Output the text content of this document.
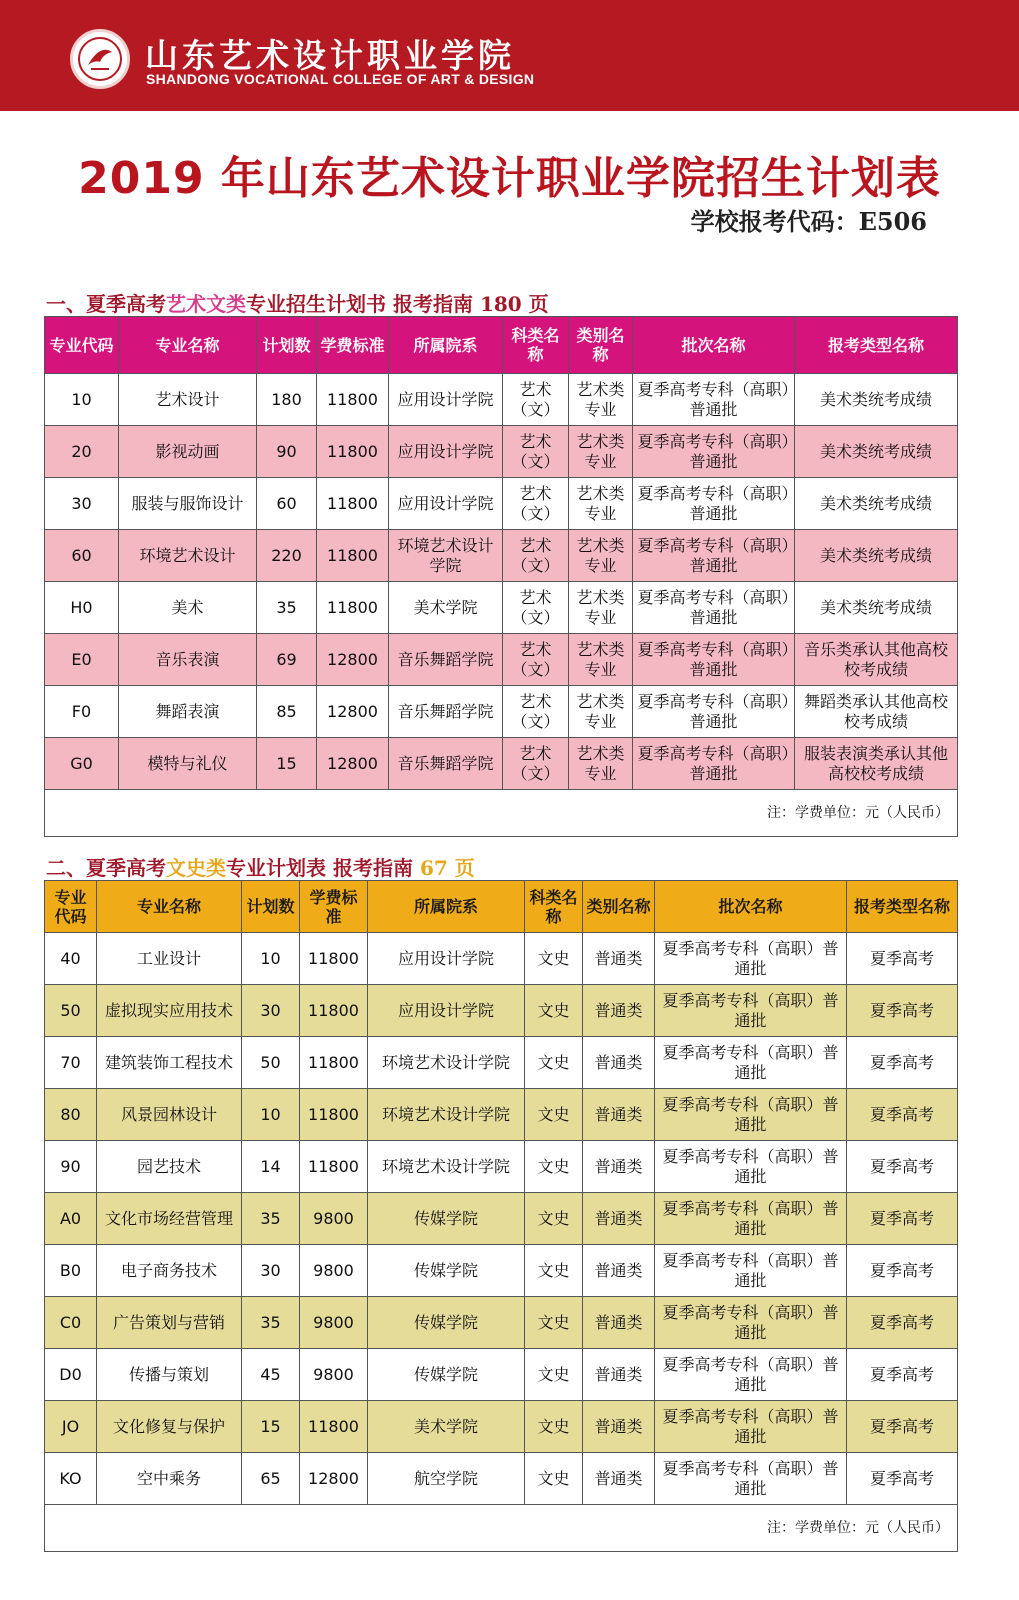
山东艺术设计职业学院
SHANDONG VOCATIONAL COLLEGE OF ART & DESIGN
2019 年山东艺术设计职业学院招生计划表
学校报考代码：E506
一、夏季高考艺术文类专业招生计划书 报考指南 180 页
专业代码	专业名称	计划数	学费标准	所属院系	科类名称	类别名称	批次名称	报考类型名称
10	艺术设计	180	11800	应用设计学院	艺术（文）	艺术类专业	夏季高考专科（高职）普通批	美术类统考成绩
20	影视动画	90	11800	应用设计学院	艺术（文）	艺术类专业	夏季高考专科（高职）普通批	美术类统考成绩
30	服装与服饰设计	60	11800	应用设计学院	艺术（文）	艺术类专业	夏季高考专科（高职）普通批	美术类统考成绩
60	环境艺术设计	220	11800	环境艺术设计学院	艺术（文）	艺术类专业	夏季高考专科（高职）普通批	美术类统考成绩
H0	美术	35	11800	美术学院	艺术（文）	艺术类专业	夏季高考专科（高职）普通批	美术类统考成绩
E0	音乐表演	69	12800	音乐舞蹈学院	艺术（文）	艺术类专业	夏季高考专科（高职）普通批	音乐类承认其他高校校考成绩
F0	舞蹈表演	85	12800	音乐舞蹈学院	艺术（文）	艺术类专业	夏季高考专科（高职）普通批	舞蹈类承认其他高校校考成绩
G0	模特与礼仪	15	12800	音乐舞蹈学院	艺术（文）	艺术类专业	夏季高考专科（高职）普通批	服装表演类承认其他高校校考成绩
注：学费单位：元（人民币）								
二、夏季高考文史类专业计划表 报考指南 67 页
专业代码	专业名称	计划数	学费标准	所属院系	科类名称	类别名称	批次名称	报考类型名称
40	工业设计	10	11800	应用设计学院	文史	普通类	夏季高考专科（高职）普通批	夏季高考
50	虚拟现实应用技术	30	11800	应用设计学院	文史	普通类	夏季高考专科（高职）普通批	夏季高考
70	建筑装饰工程技术	50	11800	环境艺术设计学院	文史	普通类	夏季高考专科（高职）普通批	夏季高考
80	风景园林设计	10	11800	环境艺术设计学院	文史	普通类	夏季高考专科（高职）普通批	夏季高考
90	园艺技术	14	11800	环境艺术设计学院	文史	普通类	夏季高考专科（高职）普通批	夏季高考
A0	文化市场经营管理	35	9800	传媒学院	文史	普通类	夏季高考专科（高职）普通批	夏季高考
B0	电子商务技术	30	9800	传媒学院	文史	普通类	夏季高考专科（高职）普通批	夏季高考
C0	广告策划与营销	35	9800	传媒学院	文史	普通类	夏季高考专科（高职）普通批	夏季高考
D0	传播与策划	45	9800	传媒学院	文史	普通类	夏季高考专科（高职）普通批	夏季高考
JO	文化修复与保护	15	11800	美术学院	文史	普通类	夏季高考专科（高职）普通批	夏季高考
KO	空中乘务	65	12800	航空学院	文史	普通类	夏季高考专科（高职）普通批	夏季高考
注：学费单位：元（人民币）								
